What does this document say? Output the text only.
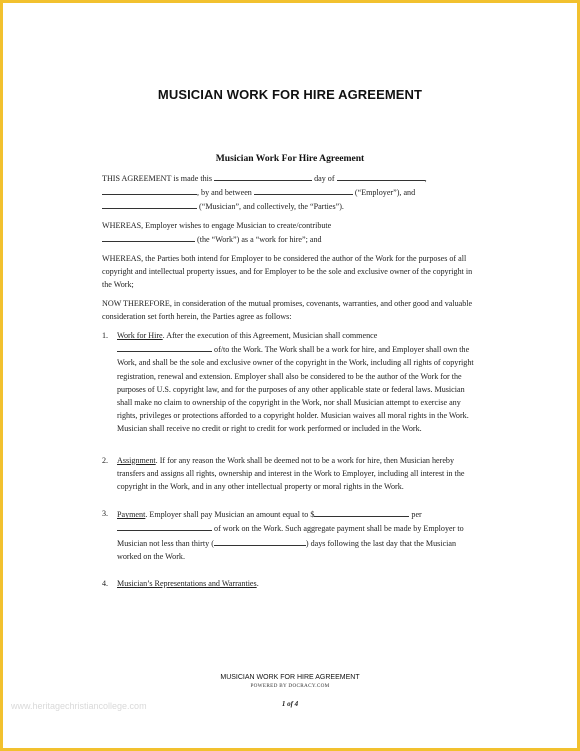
MUSICIAN WORK FOR HIRE AGREEMENT
Musician Work For Hire Agreement

THIS AGREEMENT is made this	day of	,
, by and between	(“Employer”), and
(“Musician”, and collectively, the “Parties”).

WHEREAS, Employer wishes to engage Musician to create/contribute
(the “Work”) as a “work for hire”; and

WHEREAS, the Parties both intend for Employer to be considered the author of the Work for the purposes of all copyright and intellectual property issues, and for Employer to be the sole and exclusive owner of the copyright in the Work;

NOW THEREFORE, in consideration of the mutual promises, covenants, warranties, and other good and valuable consideration set forth herein, the Parties agree as follows:

1. Work for Hire. After the execution of this Agreement, Musician shall commence
of/to the Work. The Work shall be a work for hire, and Employer shall own the Work, and shall be the sole and exclusive owner of the copyright in the Work, including all rights of copyright registration, renewal and extension. Employer shall also be considered to be the author of the Work for the purposes of U.S. copyright law, and for the purposes of any other applicable state or federal laws. Musician shall make no claim to ownership of the copyright in the Work, nor shall Musician attempt to exercise any rights, privileges or protections afforded to a copyright holder. Musician waives all moral rights in the Work. Musician shall receive no credit or right to credit for work performed or included in the Work.
2. Assignment. If for any reason the Work shall be deemed not to be a work for hire, then Musician hereby transfers and assigns all rights, ownership and interest in the Work to Employer, including all interest in the copyright in the Work, and in any other intellectual property or moral rights in the Work.
3. Payment. Employer shall pay Musician an amount equal to $	per
of work on the Work. Such aggregate payment shall be made by Employer to Musician not less than thirty (	) days following the last day that the Musician worked on the Work.
4. Musician’s Representations and Warranties.
MUSICIAN WORK FOR HIRE AGREEMENT
POWERED BY DOCRACY.COM
1 of 4
www.heritagechristiancollege.com
